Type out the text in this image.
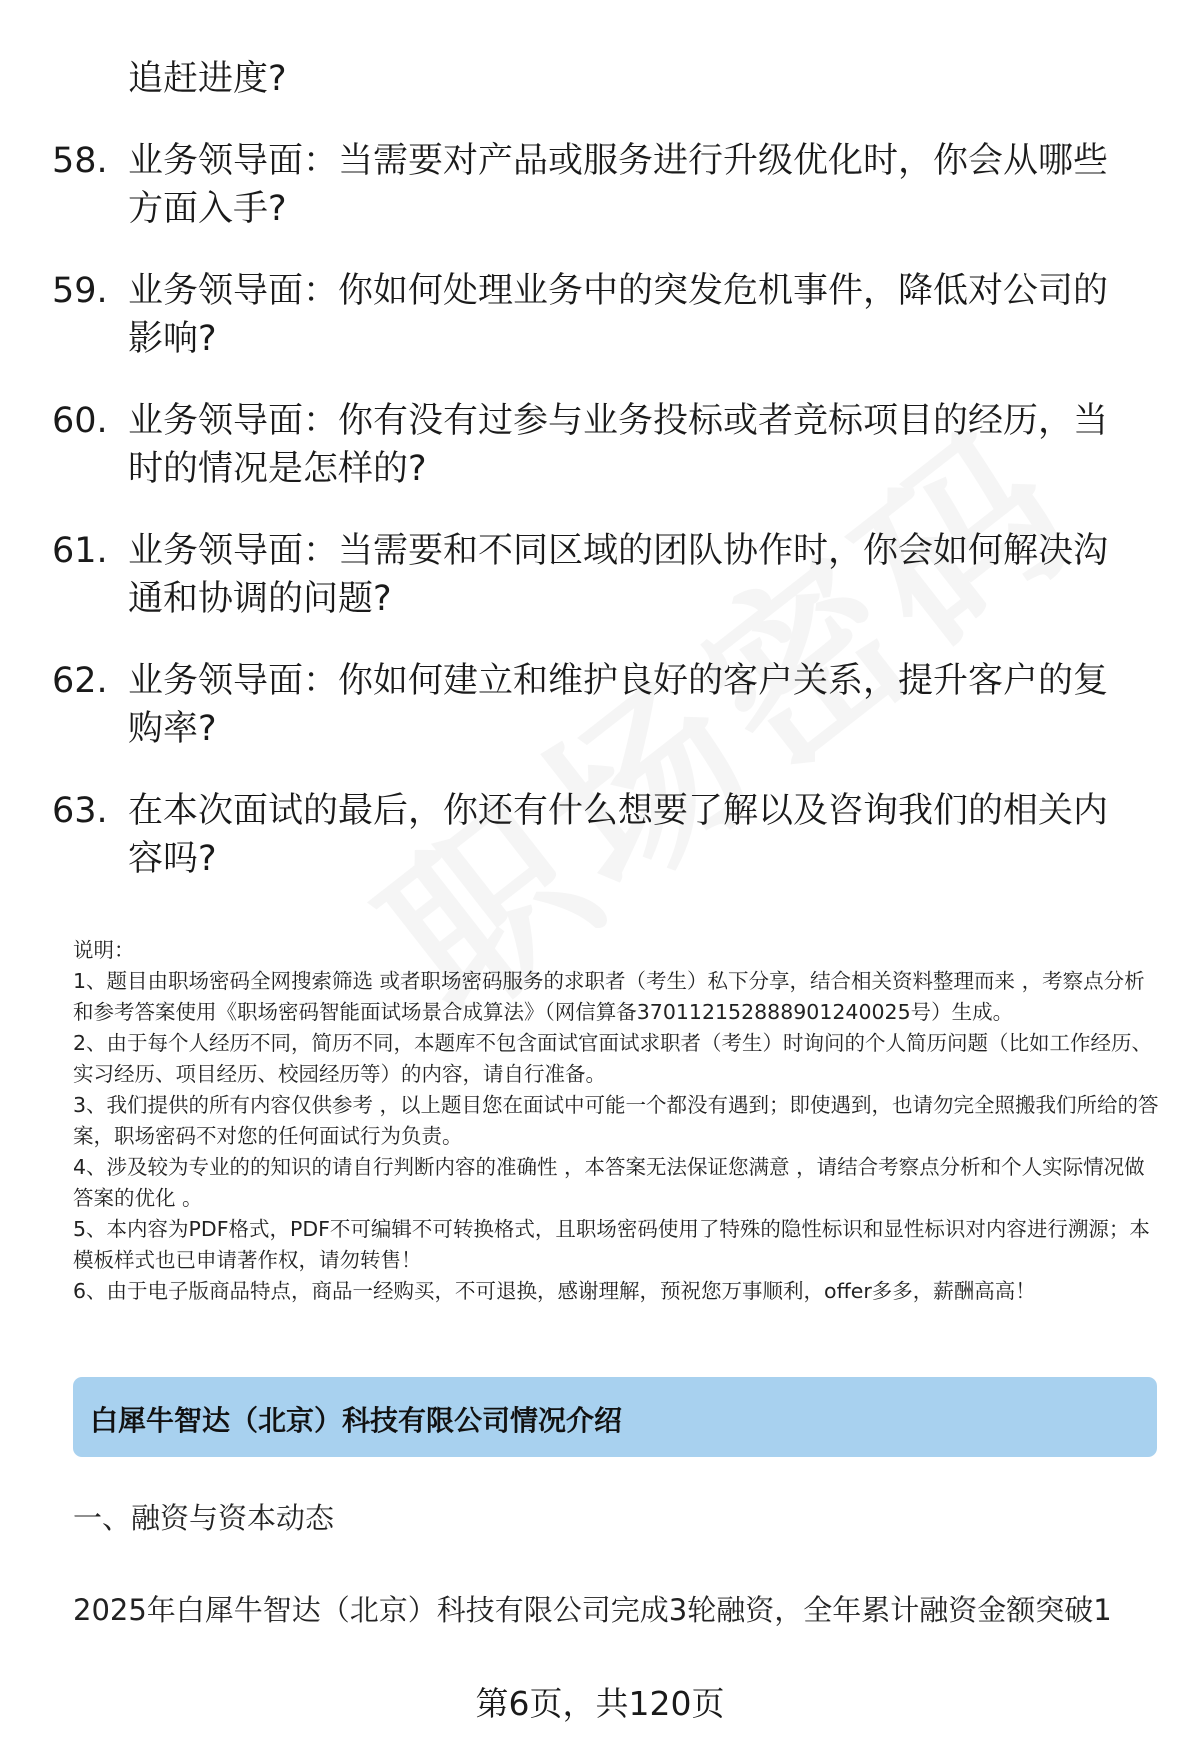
追赶进度?
58. 业务领导面：当需要对产品或服务进行升级优化时，你会从哪些方面入手?
59. 业务领导面：你如何处理业务中的突发危机事件，降低对公司的影响?
60. 业务领导面：你有没有过参与业务投标或者竞标项目的经历，当时的情况是怎样的?
61. 业务领导面：当需要和不同区域的团队协作时，你会如何解决沟通和协调的问题?
62. 业务领导面：你如何建立和维护良好的客户关系，提升客户的复购率?
63. 在本次面试的最后，你还有什么想要了解以及咨询我们的相关内容吗?

说明：

1、题目由职场密码全网搜索筛选 或者职场密码服务的求职者（考生）私下分享，结合相关资料整理而来 ，考察点分析和参考答案使用《职场密码智能面试场景合成算法》（网信算备370112152888901240025号）生成。

2、由于每个人经历不同，简历不同，本题库不包含面试官面试求职者（考生）时询问的个人简历问题（比如工作经历、实习经历、项目经历、校园经历等）的内容，请自行准备。

3、我们提供的所有内容仅供参考 ，以上题目您在面试中可能一个都没有遇到；即使遇到，也请勿完全照搬我们所给的答案，职场密码不对您的任何面试行为负责。

4、涉及较为专业的的知识的请自行判断内容的准确性 ，本答案无法保证您满意 ，请结合考察点分析和个人实际情况做答案的优化 。

5、本内容为PDF格式，PDF不可编辑不可转换格式，且职场密码使用了特殊的隐性标识和显性标识对内容进行溯源；本模板样式也已申请著作权，请勿转售！

6、由于电子版商品特点，商品一经购买，不可退换，感谢理解，预祝您万事顺利，offer多多，薪酬高高！

白犀牛智达（北京）科技有限公司情况介绍
一、融资与资本动态
2025年白犀牛智达（北京）科技有限公司完成3轮融资，全年累计融资金额突破1
第6页，共120页
